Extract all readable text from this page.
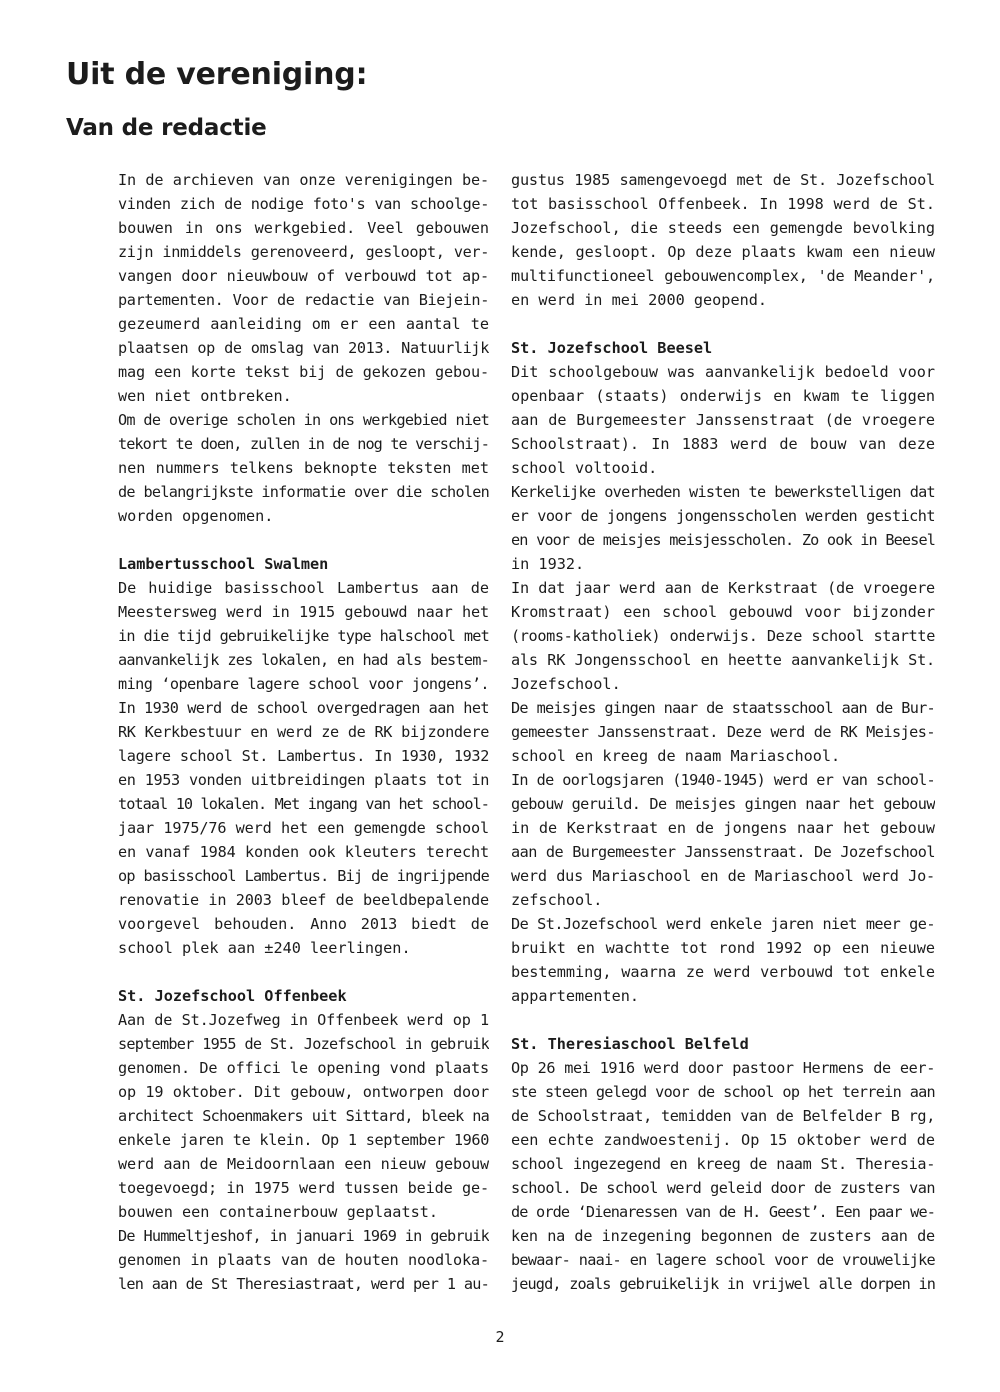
Uit de vereniging:
Van de redactie
In de archieven van onze verenigingen be-
vinden zich de nodige foto's van schoolge-
bouwen in ons werkgebied. Veel gebouwen
zijn inmiddels gerenoveerd, gesloopt, ver-
vangen door nieuwbouw of verbouwd tot ap-
partementen. Voor de redactie van Biejein-
gezeumerd aanleiding om er een aantal te
plaatsen op de omslag van 2013. Natuurlijk
mag een korte tekst bij de gekozen gebou-
wen niet ontbreken.
Om de overige scholen in ons werkgebied niet
tekort te doen, zullen in de nog te verschij-
nen nummers telkens beknopte teksten met
de belangrijkste informatie over die scholen
worden opgenomen.
Lambertusschool Swalmen
De huidige basisschool Lambertus aan de
Meestersweg werd in 1915 gebouwd naar het
in die tijd gebruikelijke type halschool met
aanvankelijk zes lokalen, en had als bestem-
ming ‘openbare lagere school voor jongens’.
In 1930 werd de school overgedragen aan het
RK Kerkbestuur en werd ze de RK bijzondere
lagere school St. Lambertus. In 1930, 1932
en 1953 vonden uitbreidingen plaats tot in
totaal 10 lokalen. Met ingang van het school-
jaar 1975/76 werd het een gemengde school
en vanaf 1984 konden ook kleuters terecht
op basisschool Lambertus. Bij de ingrijpende
renovatie in 2003 bleef de beeldbepalende
voorgevel behouden. Anno 2013 biedt de
school plek aan ±240 leerlingen.
St. Jozefschool Offenbeek
Aan de St.Jozefweg in Offenbeek werd op 1
september 1955 de St. Jozefschool in gebruik
genomen. De offici le opening vond plaats
op 19 oktober. Dit gebouw, ontworpen door
architect Schoenmakers uit Sittard, bleek na
enkele jaren te klein. Op 1 september 1960
werd aan de Meidoornlaan een nieuw gebouw
toegevoegd; in 1975 werd tussen beide ge-
bouwen een containerbouw geplaatst.
De Hummeltjeshof, in januari 1969 in gebruik
genomen in plaats van de houten noodloka-
len aan de St Theresiastraat, werd per 1 au-
gustus 1985 samengevoegd met de St. Jozefschool
tot basisschool Offenbeek. In 1998 werd de St.
Jozefschool, die steeds een gemengde bevolking
kende, gesloopt. Op deze plaats kwam een nieuw
multifunctioneel gebouwencomplex, 'de Meander',
en werd in mei 2000 geopend.
St. Jozefschool Beesel
Dit schoolgebouw was aanvankelijk bedoeld voor
openbaar (staats) onderwijs en kwam te liggen
aan de Burgemeester Janssenstraat (de vroegere
Schoolstraat). In 1883 werd de bouw van deze
school voltooid.
Kerkelijke overheden wisten te bewerkstelligen dat
er voor de jongens jongensscholen werden gesticht
en voor de meisjes meisjesscholen. Zo ook in Beesel
in 1932.
In dat jaar werd aan de Kerkstraat (de vroegere
Kromstraat) een school gebouwd voor bijzonder
(rooms-katholiek) onderwijs. Deze school startte
als RK Jongensschool en heette aanvankelijk St.
Jozefschool.
De meisjes gingen naar de staatsschool aan de Bur-
gemeester Janssenstraat. Deze werd de RK Meisjes-
school en kreeg de naam Mariaschool.
In de oorlogsjaren (1940-1945) werd er van school-
gebouw geruild. De meisjes gingen naar het gebouw
in de Kerkstraat en de jongens naar het gebouw
aan de Burgemeester Janssenstraat. De Jozefschool
werd dus Mariaschool en de Mariaschool werd Jo-
zefschool.
De St.Jozefschool werd enkele jaren niet meer ge-
bruikt en wachtte tot rond 1992 op een nieuwe
bestemming, waarna ze werd verbouwd tot enkele
appartementen.
St. Theresiaschool Belfeld
Op 26 mei 1916 werd door pastoor Hermens de eer-
ste steen gelegd voor de school op het terrein aan
de Schoolstraat, temidden van de Belfelder B rg,
een echte zandwoestenij. Op 15 oktober werd de
school ingezegend en kreeg de naam St. Theresia-
school. De school werd geleid door de zusters van
de orde ‘Dienaressen van de H. Geest’. Een paar we-
ken na de inzegening begonnen de zusters aan de
bewaar- naai- en lagere school voor de vrouwelijke
jeugd, zoals gebruikelijk in vrijwel alle dorpen in
2
